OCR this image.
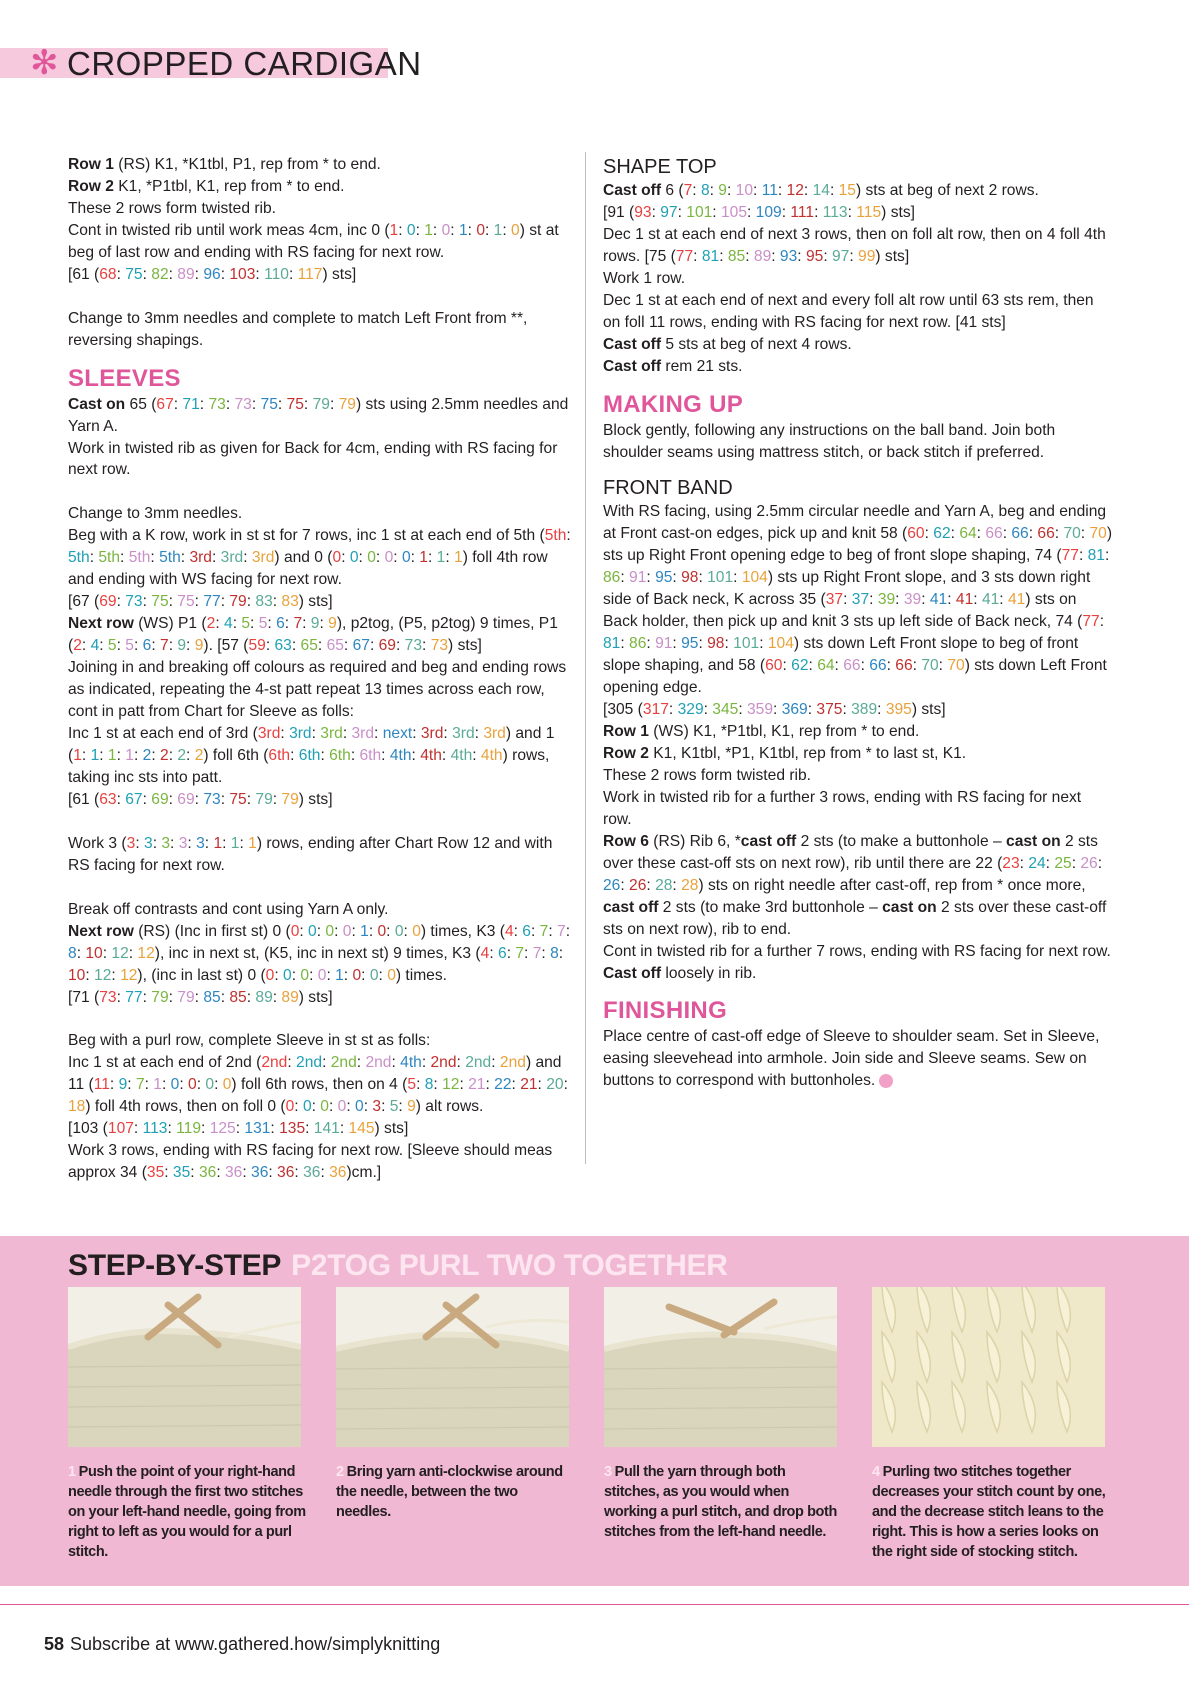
✻ CROPPED CARDIGAN

Row 1 (RS) K1, *K1tbl, P1, rep from * to end.

Row 2 K1, *P1tbl, K1, rep from * to end.

These 2 rows form twisted rib.

Cont in twisted rib until work meas 4cm, inc 0 (1: 0: 1: 0: 1: 0: 1: 0) st at beg of last row and ending with RS facing for next row.

[61 (68: 75: 82: 89: 96: 103: 110: 117) sts]

Change to 3mm needles and complete to match Left Front from **, reversing shapings.

SLEEVES

Cast on 65 (67: 71: 73: 73: 75: 75: 79: 79) sts using 2.5mm needles and Yarn A.

Work in twisted rib as given for Back for 4cm, ending with RS facing for next row.

Change to 3mm needles.

Beg with a K row, work in st st for 7 rows, inc 1 st at each end of 5th (5th: 5th: 5th: 5th: 5th: 3rd: 3rd: 3rd) and 0 (0: 0: 0: 0: 0: 1: 1: 1) foll 4th row and ending with WS facing for next row.

[67 (69: 73: 75: 75: 77: 79: 83: 83) sts]

Next row (WS) P1 (2: 4: 5: 5: 6: 7: 9: 9), p2tog, (P5, p2tog) 9 times, P1 (2: 4: 5: 5: 6: 7: 9: 9). [57 (59: 63: 65: 65: 67: 69: 73: 73) sts]

Joining in and breaking off colours as required and beg and ending rows as indicated, repeating the 4-st patt repeat 13 times across each row, cont in patt from Chart for Sleeve as folls:

Inc 1 st at each end of 3rd (3rd: 3rd: 3rd: 3rd: next: 3rd: 3rd: 3rd) and 1 (1: 1: 1: 1: 2: 2: 2: 2) foll 6th (6th: 6th: 6th: 6th: 4th: 4th: 4th: 4th) rows, taking inc sts into patt.

[61 (63: 67: 69: 69: 73: 75: 79: 79) sts]

Work 3 (3: 3: 3: 3: 3: 1: 1: 1) rows, ending after Chart Row 12 and with RS facing for next row.

Break off contrasts and cont using Yarn A only.

Next row (RS) (Inc in first st) 0 (0: 0: 0: 0: 1: 0: 0: 0) times, K3 (4: 6: 7: 7: 8: 10: 12: 12), inc in next st, (K5, inc in next st) 9 times, K3 (4: 6: 7: 7: 8: 10: 12: 12), (inc in last st) 0 (0: 0: 0: 0: 1: 0: 0: 0) times.

[71 (73: 77: 79: 79: 85: 85: 89: 89) sts]

Beg with a purl row, complete Sleeve in st st as folls:

Inc 1 st at each end of 2nd (2nd: 2nd: 2nd: 2nd: 4th: 2nd: 2nd: 2nd) and 11 (11: 9: 7: 1: 0: 0: 0: 0) foll 6th rows, then on 4 (5: 8: 12: 21: 22: 21: 20: 18) foll 4th rows, then on foll 0 (0: 0: 0: 0: 0: 3: 5: 9) alt rows.

[103 (107: 113: 119: 125: 131: 135: 141: 145) sts]

Work 3 rows, ending with RS facing for next row. [Sleeve should meas approx 34 (35: 35: 36: 36: 36: 36: 36: 36)cm.]

SHAPE TOP

Cast off 6 (7: 8: 9: 10: 11: 12: 14: 15) sts at beg of next 2 rows.

[91 (93: 97: 101: 105: 109: 111: 113: 115) sts]

Dec 1 st at each end of next 3 rows, then on foll alt row, then on 4 foll 4th rows. [75 (77: 81: 85: 89: 93: 95: 97: 99) sts]

Work 1 row.

Dec 1 st at each end of next and every foll alt row until 63 sts rem, then on foll 11 rows, ending with RS facing for next row. [41 sts]

Cast off 5 sts at beg of next 4 rows.

Cast off rem 21 sts.

MAKING UP

Block gently, following any instructions on the ball band. Join both shoulder seams using mattress stitch, or back stitch if preferred.

FRONT BAND

With RS facing, using 2.5mm circular needle and Yarn A, beg and ending at Front cast-on edges, pick up and knit 58 (60: 62: 64: 66: 66: 66: 70: 70) sts up Right Front opening edge to beg of front slope shaping, 74 (77: 81: 86: 91: 95: 98: 101: 104) sts up Right Front slope, and 3 sts down right side of Back neck, K across 35 (37: 37: 39: 39: 41: 41: 41: 41) sts on Back holder, then pick up and knit 3 sts up left side of Back neck, 74 (77: 81: 86: 91: 95: 98: 101: 104) sts down Left Front slope to beg of front slope shaping, and 58 (60: 62: 64: 66: 66: 66: 70: 70) sts down Left Front opening edge.

[305 (317: 329: 345: 359: 369: 375: 389: 395) sts]

Row 1 (WS) K1, *P1tbl, K1, rep from * to end.

Row 2 K1, K1tbl, *P1, K1tbl, rep from * to last st, K1.

These 2 rows form twisted rib.

Work in twisted rib for a further 3 rows, ending with RS facing for next row.

Row 6 (RS) Rib 6, *cast off 2 sts (to make a buttonhole – cast on 2 sts over these cast-off sts on next row), rib until there are 22 (23: 24: 25: 26: 26: 26: 28: 28) sts on right needle after cast-off, rep from * once more, cast off 2 sts (to make 3rd buttonhole – cast on 2 sts over these cast-off sts on next row), rib to end.

Cont in twisted rib for a further 7 rows, ending with RS facing for next row.

Cast off loosely in rib.

FINISHING

Place centre of cast-off edge of Sleeve to shoulder seam. Set in Sleeve, easing sleevehead into armhole. Join side and Sleeve seams. Sew on buttons to correspond with buttonholes.

STEP-BY-STEP P2TOG PURL TWO TOGETHER
1 Push the point of your right-hand needle through the first two stitches on your left-hand needle, going from right to left as you would for a purl stitch.
2 Bring yarn anti-clockwise around the needle, between the two needles.
3 Pull the yarn through both stitches, as you would when working a purl stitch, and drop both stitches from the left-hand needle.
4 Purling two stitches together decreases your stitch count by one, and the decrease stitch leans to the right. This is how a series looks on the right side of stocking stitch.
58 Subscribe at www.gathered.how/simplyknitting
